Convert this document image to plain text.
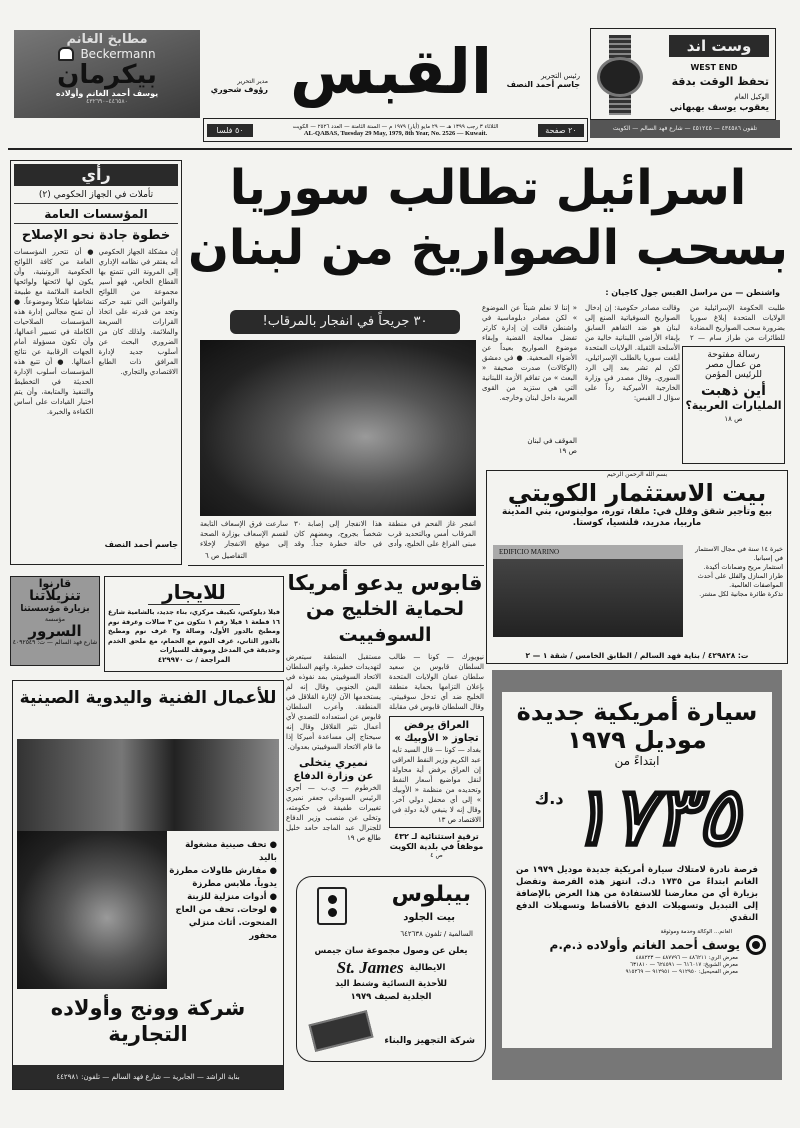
مطابخ الغانم
Beckermann
بيكرمان
يوسف أحمد الغانم وأولاده
٤٤٦٥٨٠–٤٣٢٦٩٠	القبس	رئيس التحرير
جاسم أحمد النصف
مدير التحرير
رؤوف شحوري
٥٠ فلسا	الثلاثاء ٣ رجب ١٣٩٩ هـ — ٢٩ مايو (أيار) ١٩٧٩ م — السنة الثامنة — العدد ٢٥٢٦ — الكويت
AL-QABAS, Tuesday 29 May, 1979, 8th Year, No. 2526 — Kuwait.	٢٠ صفحة
وست اند
WEST END
تحفظ الوقت بدقة
الوكيل العام
يعقوب يوسف بهبهاني
تلفون ٤٣٤٥٨٦ — ٤٥١٢٤٥ — شارع فهد السالم — الكويت
رأي
تأملات في الجهاز الحكومي (٢)
المؤسسات العامة
خطوة جادة نحو الإصلاح
إن مشكلة الجهاز الحكومي أنه يفتقر في نظامه الإداري إلى المرونة التي تتمتع بها القطاع الخاص، فهو أسير مجموعة من اللوائح والقوانين التي تقيد حركته وتحد من قدرته على اتخاذ القرارات السريعة والملائمة. ولذلك كان من الضروري البحث عن أسلوب جديد لإدارة المرافق ذات الطابع الاقتصادي والتجاري.
● أن تتحرر المؤسسات العامة من كافة اللوائح الحكومية الروتينية، وأن يكون لها لائحتها ولوائحها الخاصة الملائمة مع طبيعة نشاطها شكلاً وموضوعاً. ● أن تمنح مجالس إدارة هذه المؤسسات الصلاحيات الكاملة في تسيير أعمالها، وأن تكون مسؤولة أمام الجهات الرقابية عن نتائج أعمالها. ● أن تتبع هذه المؤسسات أسلوب الإدارة الحديثة في التخطيط والتنفيذ والمتابعة، وأن يتم اختيار القيادات على أساس الكفاءة والخبرة.
جاسم أحمد النصف
اسرائيل تطالب سوريا
بسحب الصواريخ من لبنان
واشنطن — من مراسل القبس جول كاجيان :
طلبت الحكومة الإسرائيلية من الولايات المتحدة إبلاغ سوريا بضرورة سحب الصواريخ المضادة للطائرات من طراز سام — ٢
وقالت مصادر حكومية: إن إدخال الصواريخ السوفياتية الصنع إلى لبنان هو ضد التفاهم السابق بإبقاء الأراضي اللبنانية خالية من الأسلحة الثقيلة. الولايات المتحدة أبلغت سوريا بالطلب الإسرائيلي، لكن لم تشر بعد إلى الرد السوري. وقال مصدر في وزارة الخارجية الأميركية رداً على سؤال لـ القبس:
« إننا لا نعلم شيئاً عن الموضوع » لكن مصادر دبلوماسية في واشنطن قالت إن إدارة كارتر تفضل معالجة القضية وإبقاء موضوع الصواريخ بعيداً عن الأضواء الصحفية. ● في دمشق (الوكالات) صدرت صحيفة « البعث » من تفاقم الأزمة اللبنانية التي هي ستزيد من القوى العربية داخل لبنان وخارجه.
الموقف في لبنان
ص ١٩
رسالة مفتوحة
من عمال مصر
للرئيس المؤمن
أين ذهبت
المليارات العربية؟
ص ١٨
٣٠ جريحاً في انفجار بالمرقاب!
انفجر غاز الفحم في منطقة المرقاب أمس وبالتحديد قرب مبنى الفراغ على الخليج، وأدى هذا الانفجار إلى إصابة ٣٠ شخصاً بجروح، وبعضهم كان في حالة خطرة جداً. وقد سارعت فرق الإسعاف التابعة لقسم الإسعاف بوزارة الصحة إلى موقع الانفجار لإخلاء
التفاصيل ص ٦
بسم الله الرحمن الرحيم
بيت الاستثمار الكويتي
بيع وتأجير شقق وفلل في: ملقا، توره، مولينوس، بني المدينة
ماربيا، مدريد، فلنسيا، كوستا.
EDIFICIO MARINO	خبرة ١٤ سنة في مجال الاستثمار في إسبانيا.
استثمار مريح وضمانات أكيدة.
طراز المنازل والفلل على أحدث المواصفات العالمية.
تذكرة طائرة مجانية لكل مشتر.
ت: ٤٢٩٨٢٨ / بناية فهد السالم / الطابق الخامس / شقة ١ — ٢
قارنوا
تنزيلاتنا
بزيارة مؤسستنا
مؤسسة
السرور
شارع فهد السالم — ت: ٤٠٩٢٥٤٩
للايجار
فيلا ديلوكس، تكييف مركزي، بناء جديد، بالشامية شارع ١٦ قطعة ١ فيلا رقم ١ تتكون من ٣ صالات وغرفة نوم ومطبخ بالدور الأول، وصالة و٣ غرف نوم ومطبخ بالدور الثاني، غرف النوم مع الحمام، مع ملحق الخدم وحديقة في المدخل وموقف للسيارات
المراجعة / ت ٤٢٩٩٧٠
قابوس يدعو أمريكا
لحماية الخليج من السوفييت
نيويورك — كونا — طالب السلطان قابوس بن سعيد سلطان عمان الولايات المتحدة بإعلان التزامها بحماية منطقة الخليج ضد أي تدخل سوفييتي. وقال السلطان قابوس في مقابلة
العراق يرفض
تجاوز « الأوبيك »
بغداد — كونا — قال السيد تايه عبد الكريم وزير النفط العراقي إن العراق يرفض أية محاولة لنقل مواضيع أسعار النفط وتحديده من منظمة « الأوبيك » إلى أي محفل دولي آخر. وقال إنه لا ينبغي لأية دولة في
الاقتصاد ص ١٣
ترقية استثنائية لـ ٤٣٢
موظفاً في بلدية الكويت
ص ٤
مستقبل المنطقة سيتعرض لتهديدات خطيرة. واتهم السلطان الاتحاد السوفييتي بمد نفوذه في اليمن الجنوبي وقال إنه لم يستخدمها الآن لإثارة القلاقل في المنطقة. وأعرب السلطان قابوس عن استعداده للتصدي لأي أعمال تثير القلاقل وقال إنه سيحتاج إلى مساعدة أميركا إذا ما قام الاتحاد السوفييتي بعدوان.
نميري يتخلى
عن وزارة الدفاع
الخرطوم — ي.ب — أجرى الرئيس السوداني جعفر نميري تغييرات طفيفة في حكومته، وتخلى عن منصب وزير الدفاع للجنرال عبد الماجد حامد خليل
طالع ص ١٩
للأعمال الفنية واليدوية الصينية
● تحف صينية مشغولة باليد
● مفارش طاولات مطرزة يدوياً. ملابس مطرزة
● أدوات منزلية للزينة
● لوحات. تحف من العاج المنحوت. أثاث منزلي محفور
شركة وونج وأولاده التجارية
بناية الراشد — الجابرية — شارع فهد السالم — تلفون: ٤٤٢٩٨١
بيبلوس
بيت الجلود
السالمية / تلفون ٦٤٢٦٣٨
يعلن عن وصول مجموعة سان جيمس
الايطالية
St. James
للأحذية النسائية وشنط اليد
الجلدية لصيف ١٩٧٩
شركة التجهيز والبناء
سيارة أمريكية جديدة
موديل ١٩٧٩
ابتداءً من
١٧٣٥
د.ك
فرصة نادرة لامتلاك سيارة أمريكية جديدة موديل ١٩٧٩ من الغانم ابتداءً من ١٧٣٥ د.ك. انتهز هذه الفرصة وتفضل بزيارة أي من معارضنا للاستفادة من هذا العرض بالإضافة إلى التبديل وتسهيلات الدفع بالأقساط وتسهيلات الدفع النقدي
الغانم... الوكالة وخدمة وموثوقة
يوسف أحمد الغانم وأولاده ذ.م.م
معرض الري: ٤٨٦٢١١ — ٤٨٧٧٩٦ — ٤٨٨٢٢٣
معرض الشويخ: ٦١٦٠١٧ — ٦٢٤٥٩١ — ٦٣١٨١٠
معرض الفحيحيل: ٩١٢٩٥٠ — ٩١٢٩٥١ — ٩١٥٢٦٩
